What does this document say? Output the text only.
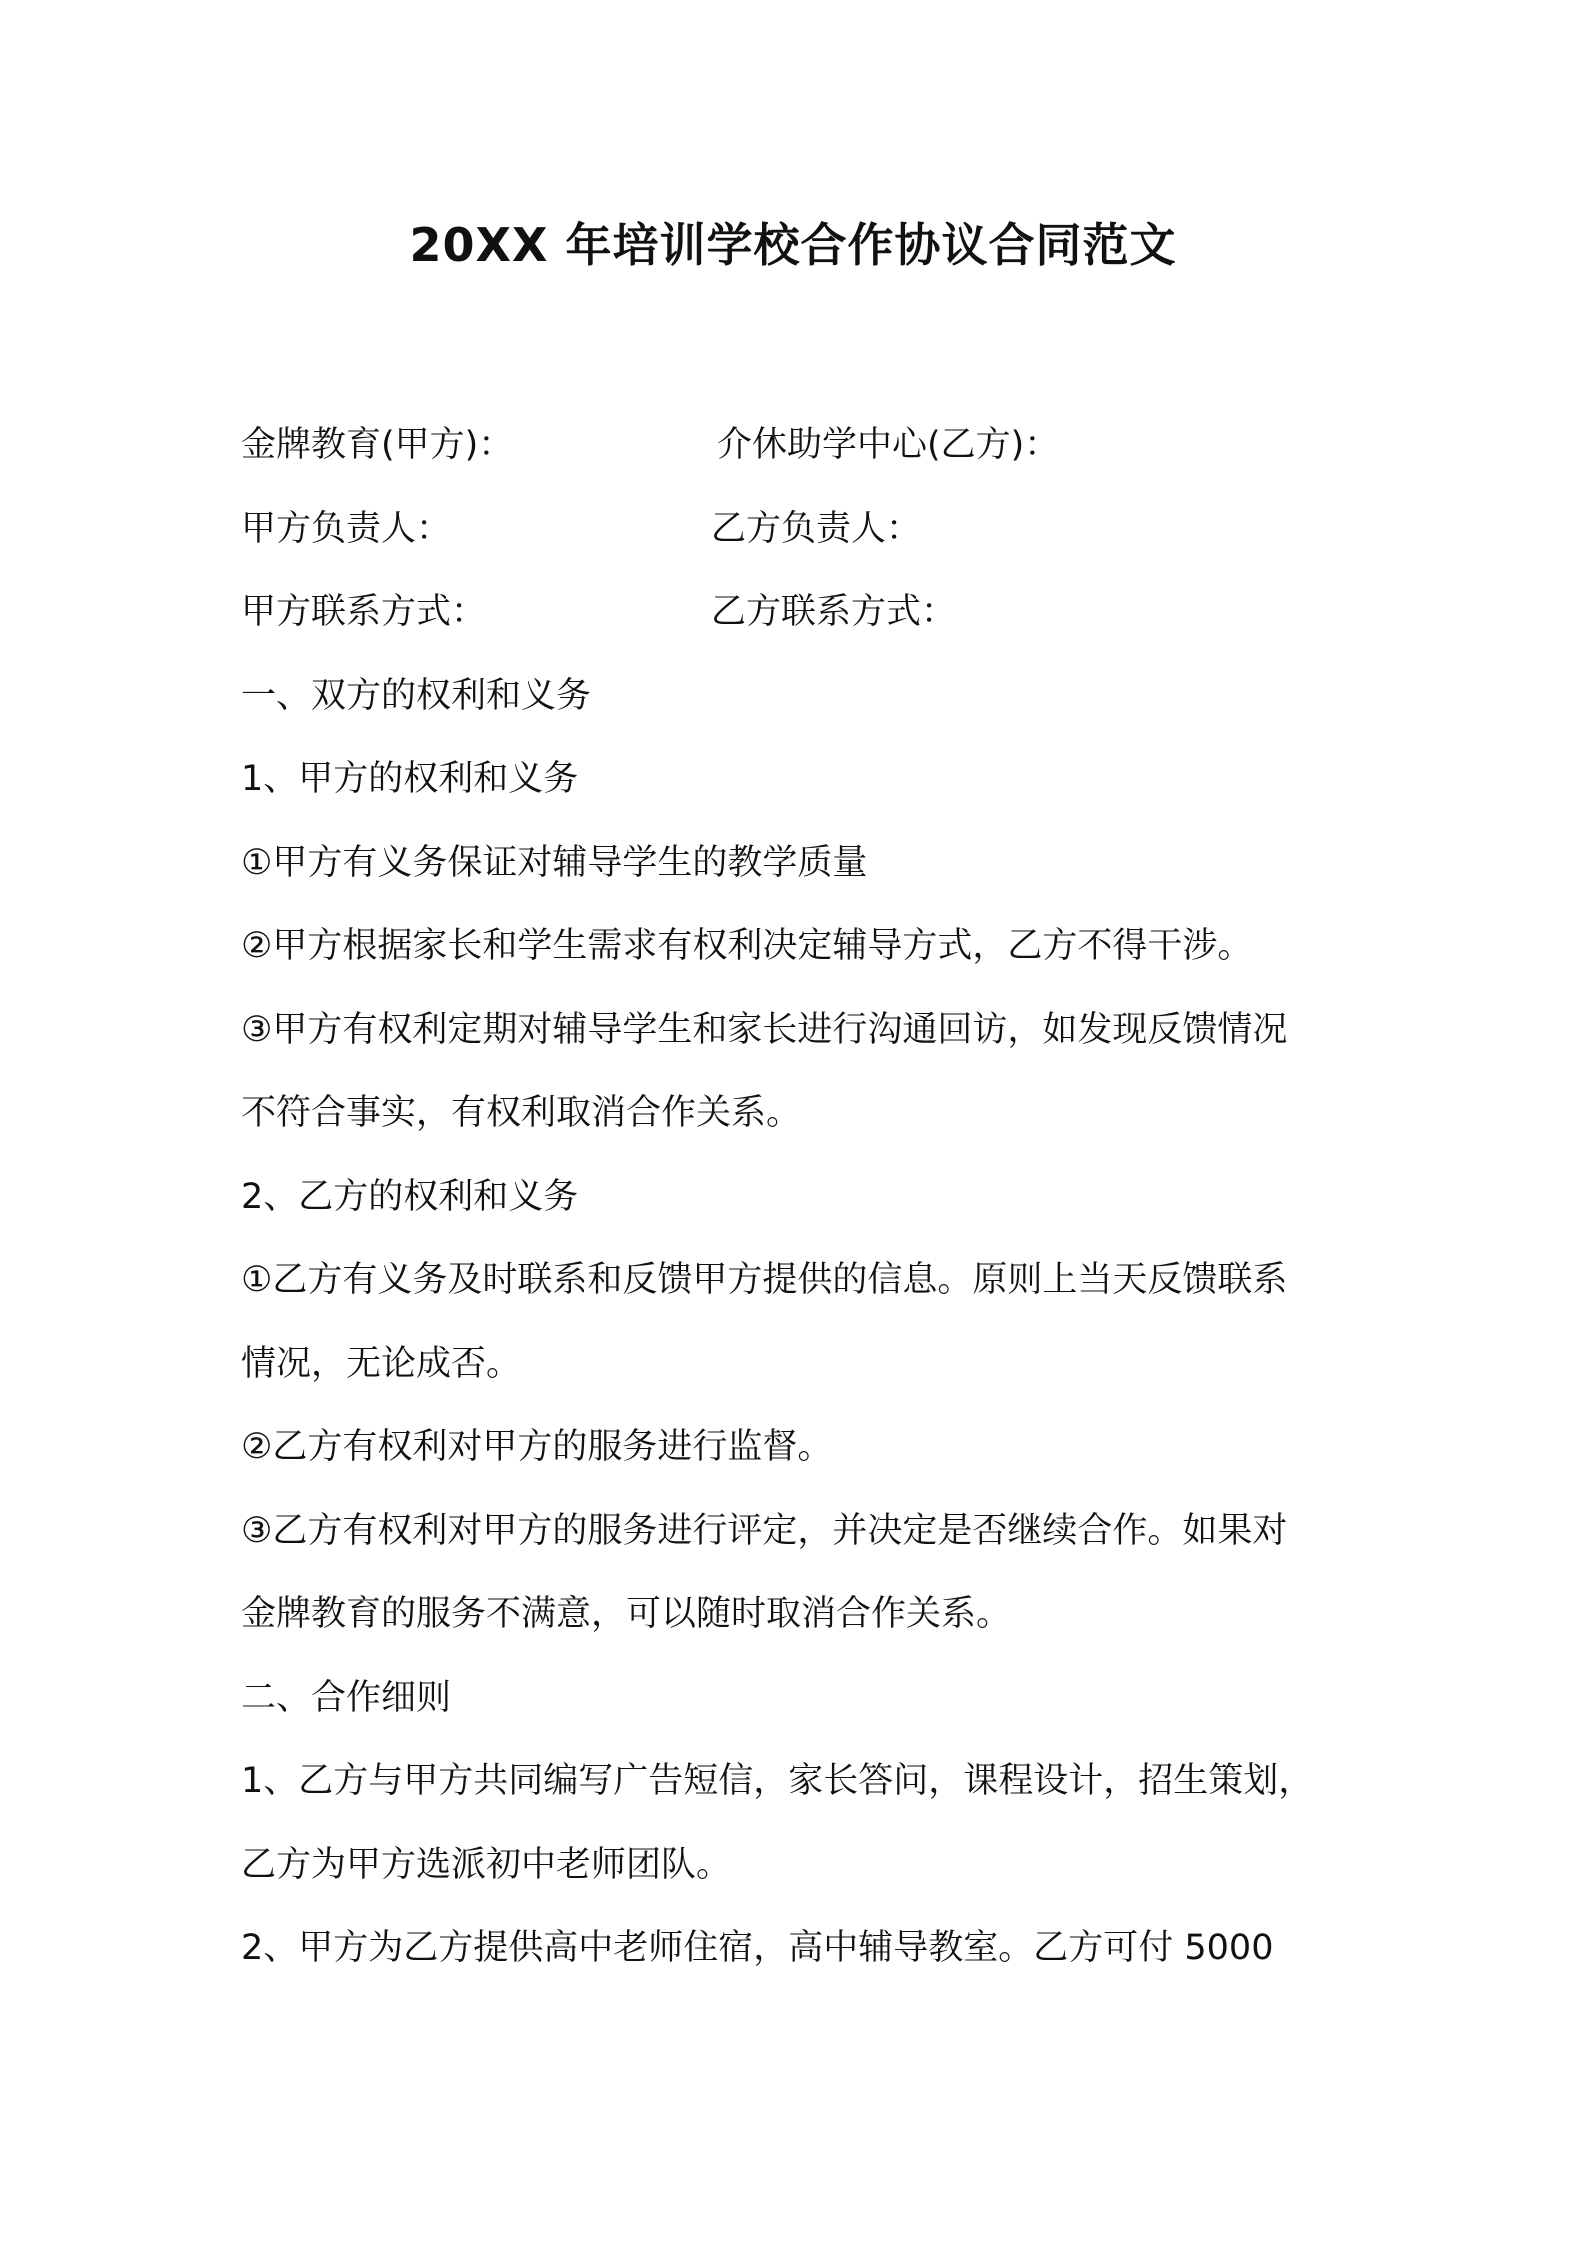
20XX 年培训学校合作协议合同范文
金牌教育(甲方)：	介休助学中心(乙方)：
甲方负责人：	乙方负责人：
甲方联系方式：	乙方联系方式：
一、双方的权利和义务
1、甲方的权利和义务
①甲方有义务保证对辅导学生的教学质量
②甲方根据家长和学生需求有权利决定辅导方式，乙方不得干涉。
③甲方有权利定期对辅导学生和家长进行沟通回访，如发现反馈情况
不符合事实，有权利取消合作关系。
2、乙方的权利和义务
①乙方有义务及时联系和反馈甲方提供的信息。原则上当天反馈联系
情况，无论成否。
②乙方有权利对甲方的服务进行监督。
③乙方有权利对甲方的服务进行评定，并决定是否继续合作。如果对
金牌教育的服务不满意，可以随时取消合作关系。
二、合作细则
1、乙方与甲方共同编写广告短信，家长答问，课程设计，招生策划，
乙方为甲方选派初中老师团队。
2、甲方为乙方提供高中老师住宿，高中辅导教室。乙方可付 5000
